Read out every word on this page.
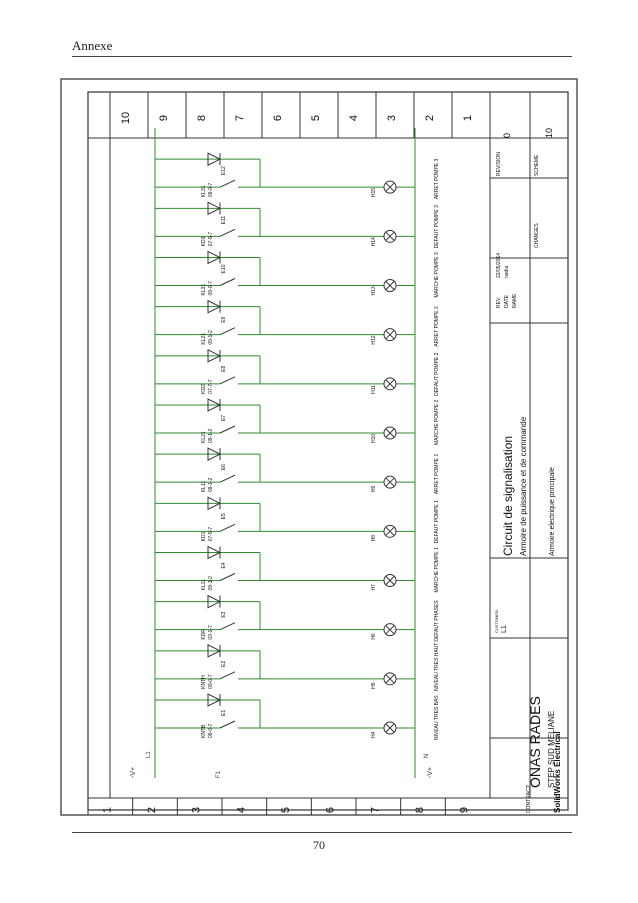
Annexe
10 9 8 7 6 5 4 3 2 1
1	2	3	4	5	6	7	8	9
-V+	-V+
L1	N
F1
H4	NIVEAU TRES BAS
KNTB 09-0-7
E1
H5	NIVEAU TRES HAUT
KNTH 09-0-7
E2
H6	DEFAUT PHASES
KDR 03-1-7
E3
H7	MARCHE POMPE 1
KL11 09-1-2
E4
H8	DEFAUT POMPE 1
KD1 07-5-7
E5
H9	ARRET POMPE 1
KL11 09-1-2
E6
H10	MARCHE POMPE 2
KL21 09-1-2
E7
H11	DEFAUT POMPE 2
KD2 07-7-7
E8
H12	ARRET POMPE 2
KL21 09-1-2
E9
H13	MARCHE POMPE 3
KL31 09-0-7
E10
H14	DEFAUT POMPE 3
KD3 07-9-7
E11
H15	ARRET POMPE 3
KL31 09-0-7
E12
ONAS RADES STEP SUD MELIANE
Circuit de signalisation Armoire de puissance et de commande	Armoire electrique principale
L1
CUSTOMER:
REVISION
0
SCHEME
10
CHANGES
REV. DATE NAME
22/05/2014 nadia
CONTRACT:	SolidWorks Electrical
70
